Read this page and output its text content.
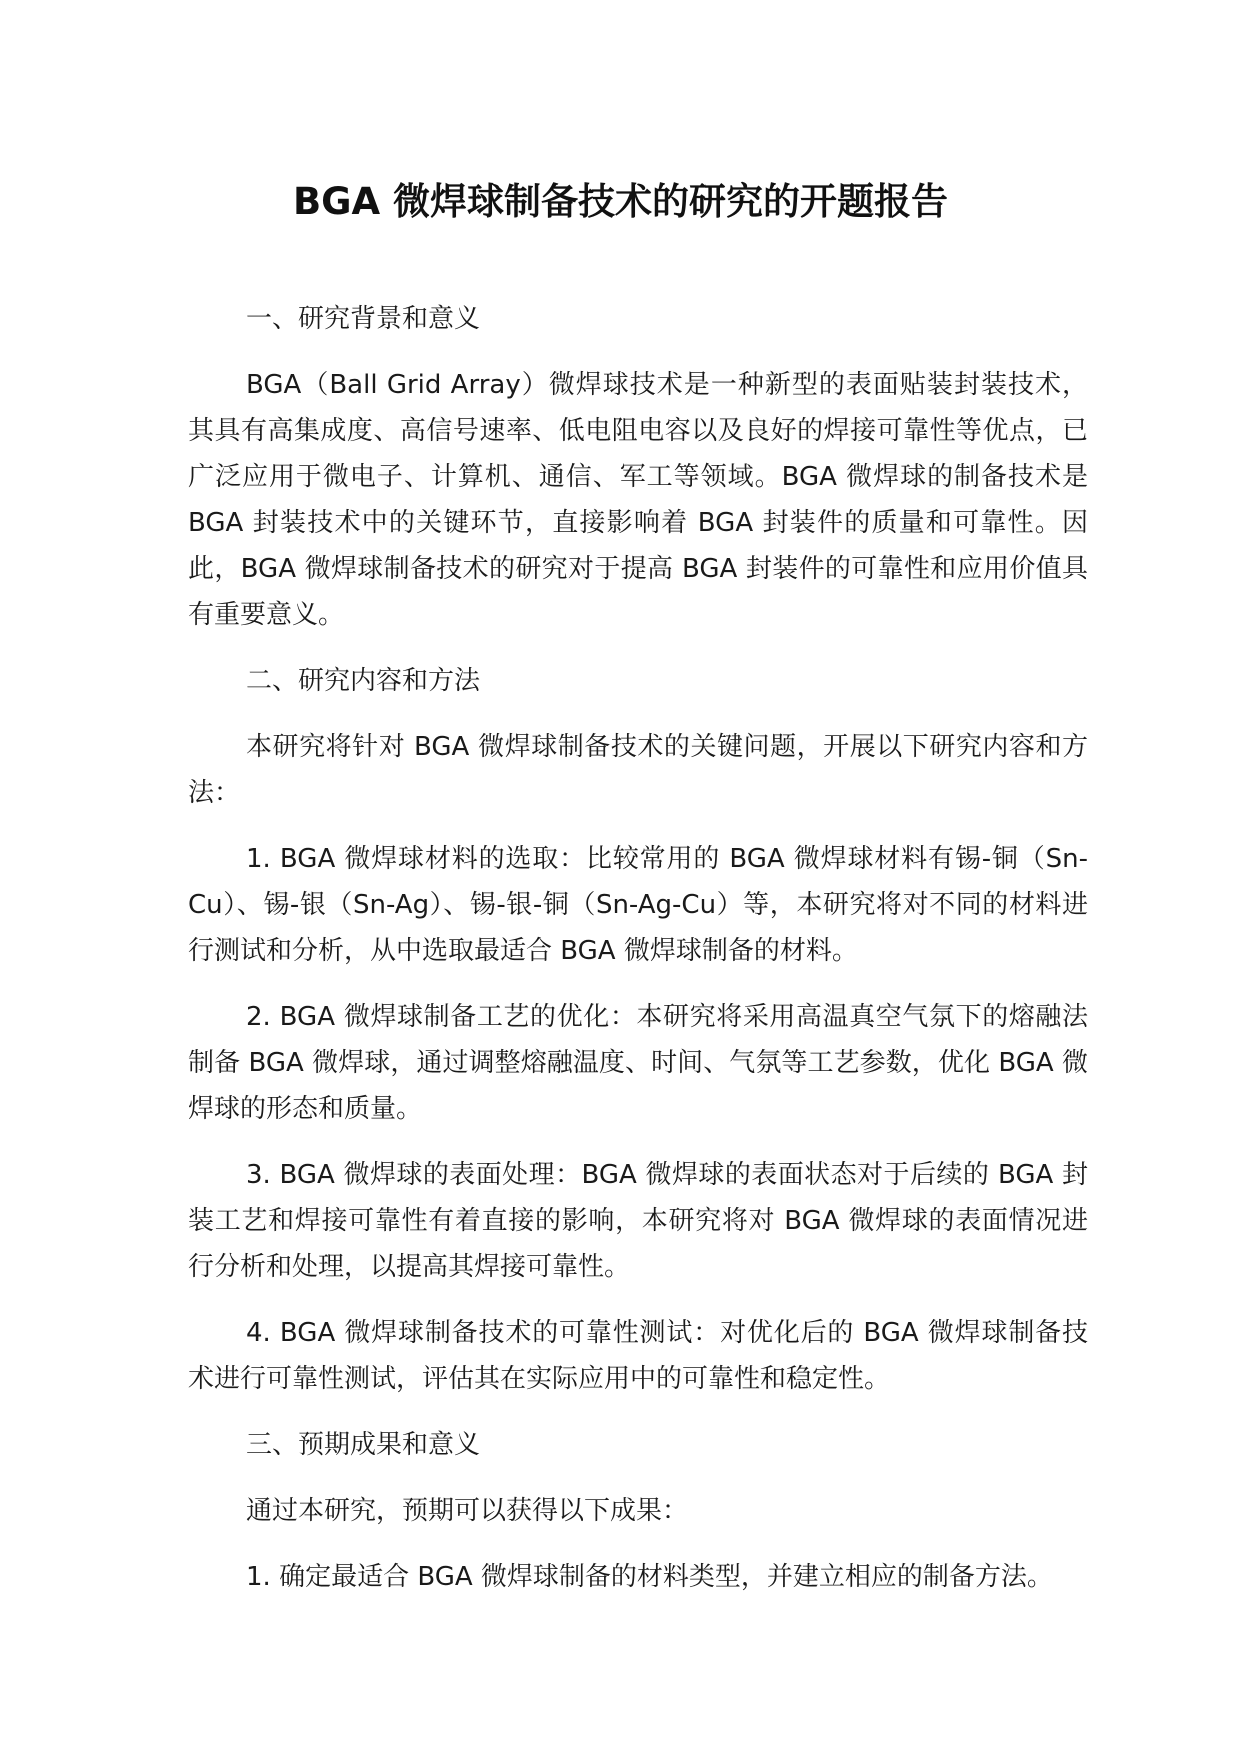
BGA 微焊球制备技术的研究的开题报告

一、研究背景和意义

BGA（Ball Grid Array）微焊球技术是一种新型的表面贴装封装技术，其具有高集成度、高信号速率、低电阻电容以及良好的焊接可靠性等优点，已广泛应用于微电子、计算机、通信、军工等领域。BGA 微焊球的制备技术是 BGA 封装技术中的关键环节，直接影响着 BGA 封装件的质量和可靠性。因此，BGA 微焊球制备技术的研究对于提高 BGA 封装件的可靠性和应用价值具有重要意义。

二、研究内容和方法

本研究将针对 BGA 微焊球制备技术的关键问题，开展以下研究内容和方法：

1. BGA 微焊球材料的选取：比较常用的 BGA 微焊球材料有锡-铜（Sn-Cu）、锡-银（Sn-Ag）、锡-银-铜（Sn-Ag-Cu）等，本研究将对不同的材料进行测试和分析，从中选取最适合 BGA 微焊球制备的材料。

2. BGA 微焊球制备工艺的优化：本研究将采用高温真空气氛下的熔融法制备 BGA 微焊球，通过调整熔融温度、时间、气氛等工艺参数，优化 BGA 微焊球的形态和质量。

3. BGA 微焊球的表面处理：BGA 微焊球的表面状态对于后续的 BGA 封装工艺和焊接可靠性有着直接的影响，本研究将对 BGA 微焊球的表面情况进行分析和处理，以提高其焊接可靠性。

4. BGA 微焊球制备技术的可靠性测试：对优化后的 BGA 微焊球制备技术进行可靠性测试，评估其在实际应用中的可靠性和稳定性。

三、预期成果和意义

通过本研究，预期可以获得以下成果：

1. 确定最适合 BGA 微焊球制备的材料类型，并建立相应的制备方法。
